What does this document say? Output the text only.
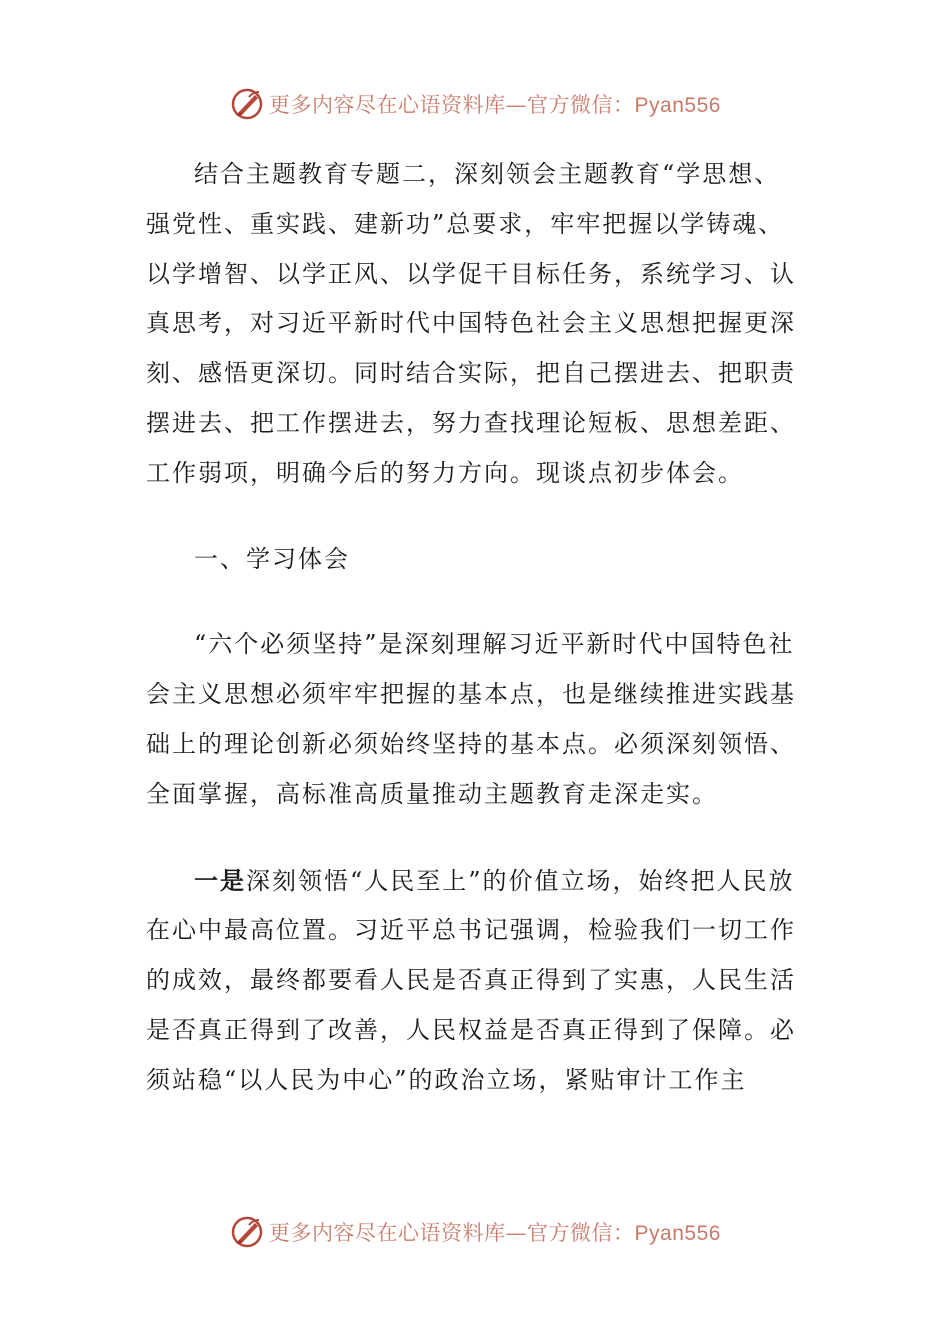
更多内容尽在心语资料库—官方微信：Pyan556

结合主题教育专题二，深刻领会主题教育“学思想、强党性、重实践、建新功”总要求，牢牢把握以学铸魂、以学增智、以学正风、以学促干目标任务，系统学习、认真思考，对习近平新时代中国特色社会主义思想把握更深刻、感悟更深切。同时结合实际，把自己摆进去、把职责摆进去、把工作摆进去，努力查找理论短板、思想差距、工作弱项，明确今后的努力方向。现谈点初步体会。

一、学习体会

“六个必须坚持”是深刻理解习近平新时代中国特色社会主义思想必须牢牢把握的基本点，也是继续推进实践基础上的理论创新必须始终坚持的基本点。必须深刻领悟、全面掌握，高标准高质量推动主题教育走深走实。

一是深刻领悟“人民至上”的价值立场，始终把人民放在心中最高位置。习近平总书记强调，检验我们一切工作的成效，最终都要看人民是否真正得到了实惠，人民生活是否真正得到了改善，人民权益是否真正得到了保障。必须站稳“以人民为中心”的政治立场，紧贴审计工作主

更多内容尽在心语资料库—官方微信：Pyan556
